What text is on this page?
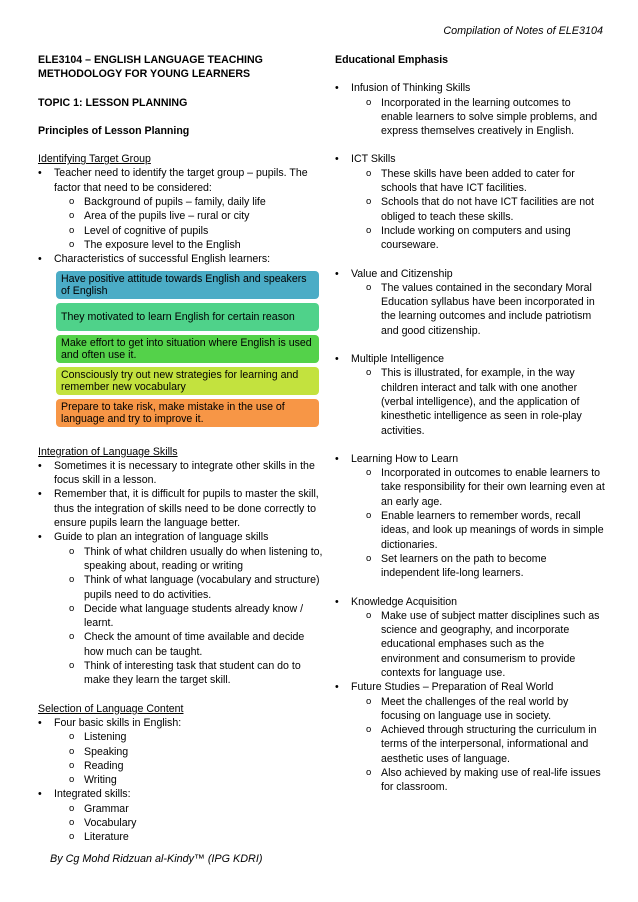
Compilation of Notes of ELE3104
ELE3104 – ENGLISH LANGUAGE TEACHING METHODOLOGY FOR YOUNG LEARNERS
TOPIC 1: LESSON PLANNING
Principles of Lesson Planning
Identifying Target Group
• Teacher need to identify the target group – pupils. The factor that need to be considered:
o Background of pupils – family, daily life
o Area of the pupils live – rural or city
o Level of cognitive of pupils
o The exposure level to the English
• Characteristics of successful English learners:
Have positive attitude towards English and speakers of English
They motivated to learn English for certain reason
Make effort to get into situation where English is used and often use it.
Consciously try out new strategies for learning and remember new vocabulary
Prepare to take risk, make mistake in the use of language and try to improve it.
Integration of Language Skills
• Sometimes it is necessary to integrate other skills in the focus skill in a lesson.
• Remember that, it is difficult for pupils to master the skill, thus the integration of skills need to be done correctly to ensure pupils learn the language better.
• Guide to plan an integration of language skills
o Think of what children usually do when listening to, speaking about, reading or writing
o Think of what language (vocabulary and structure) pupils need to do activities.
o Decide what language students already know / learnt.
o Check the amount of time available and decide how much can be taught.
o Think of interesting task that student can do to make they learn the target skill.
Selection of Language Content
• Four basic skills in English:
o Listening
o Speaking
o Reading
o Writing
• Integrated skills:
o Grammar
o Vocabulary
o Literature
Educational Emphasis
• Infusion of Thinking Skills
o Incorporated in the learning outcomes to enable learners to solve simple problems, and express themselves creatively in English.
• ICT Skills
o These skills have been added to cater for schools that have ICT facilities.
o Schools that do not have ICT facilities are not obliged to teach these skills.
o Include working on computers and using courseware.
• Value and Citizenship
o The values contained in the secondary Moral Education syllabus have been incorporated in the learning outcomes and include patriotism and good citizenship.
• Multiple Intelligence
o This is illustrated, for example, in the way children interact and talk with one another (verbal intelligence), and the application of kinesthetic intelligence as seen in role-play activities.
• Learning How to Learn
o Incorporated in outcomes to enable learners to take responsibility for their own learning even at an early age.
o Enable learners to remember words, recall ideas, and look up meanings of words in simple dictionaries.
o Set learners on the path to become independent life-long learners.
• Knowledge Acquisition
o Make use of subject matter disciplines such as science and geography, and incorporate educational emphases such as the environment and consumerism to provide contexts for language use.
• Future Studies – Preparation of Real World
o Meet the challenges of the real world by focusing on language use in society.
o Achieved through structuring the curriculum in terms of the interpersonal, informational and aesthetic uses of language.
o Also achieved by making use of real-life issues for classroom.
By Cg Mohd Ridzuan al-Kindy™ (IPG KDRI)
